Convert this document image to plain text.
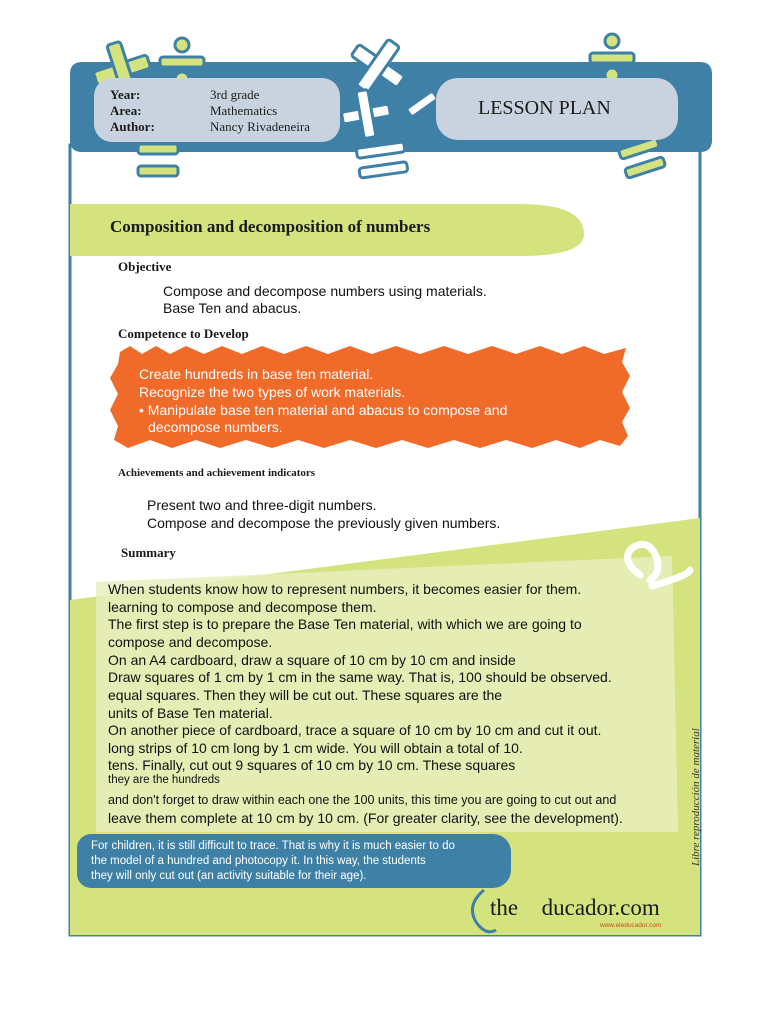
Year:	3rd grade
Area:	Mathematics
Author:	Nancy Rivadeneira
LESSON PLAN
Composition and decomposition of numbers
Objective
Compose and decompose numbers using materials.
Base Ten and abacus.
Competence to Develop
Create hundreds in base ten material.
Recognize the two types of work materials.
• Manipulate base ten material and abacus to compose and
decompose numbers.
Achievements and achievement indicators
Present two and three-digit numbers.
Compose and decompose the previously given numbers.
Summary
When students know how to represent numbers, it becomes easier for them.
learning to compose and decompose them.
The first step is to prepare the Base Ten material, with which we are going to
compose and decompose.
On an A4 cardboard, draw a square of 10 cm by 10 cm and inside
Draw squares of 1 cm by 1 cm in the same way. That is, 100 should be observed.
equal squares. Then they will be cut out. These squares are the
units of Base Ten material.
On another piece of cardboard, trace a square of 10 cm by 10 cm and cut it out.
long strips of 10 cm long by 1 cm wide. You will obtain a total of 10.
tens. Finally, cut out 9 squares of 10 cm by 10 cm. These squares
they are the hundreds
and don't forget to draw within each one the 100 units, this time you are going to cut out and
leave them complete at 10 cm by 10 cm. (For greater clarity, see the development).
For children, it is still difficult to trace. That is why it is much easier to do
the model of a hundred and photocopy it. In this way, the students
they will only cut out (an activity suitable for their age).
the ducador.com
www.eleducador.com
Libre reproducción de material
